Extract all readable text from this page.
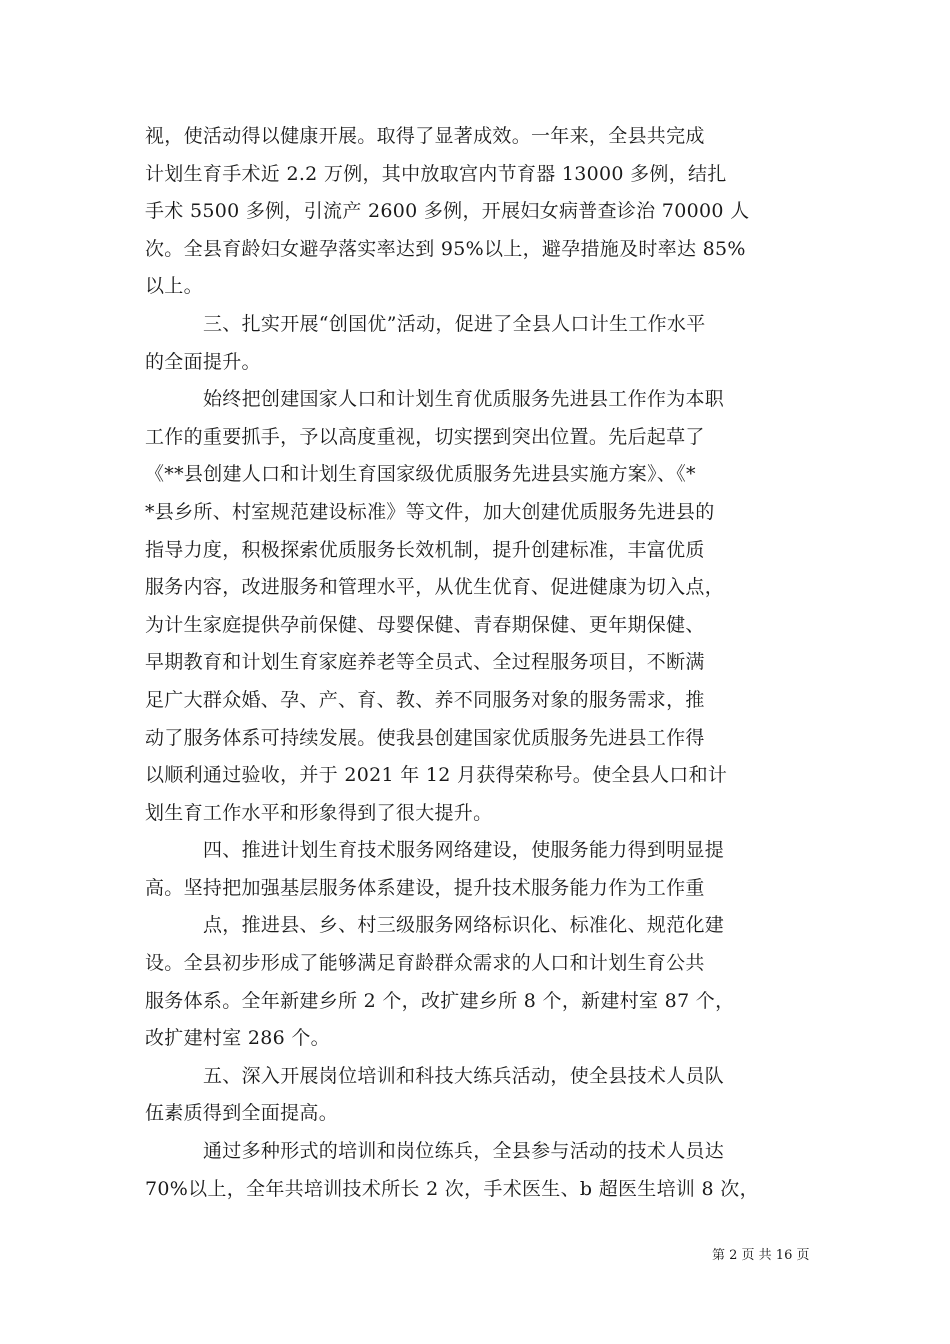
视，使活动得以健康开展。取得了显著成效。一年来，全县共完成
计划生育手术近 2.2 万例，其中放取宫内节育器 13000 多例，结扎
手术 5500 多例，引流产 2600 多例，开展妇女病普查诊治 70000 人
次。全县育龄妇女避孕落实率达到 95%以上，避孕措施及时率达 85%
以上。
三、扎实开展“创国优”活动，促进了全县人口计生工作水平
的全面提升。
始终把创建国家人口和计划生育优质服务先进县工作作为本职
工作的重要抓手，予以高度重视，切实摆到突出位置。先后起草了
《**县创建人口和计划生育国家级优质服务先进县实施方案》、《*
*县乡所、村室规范建设标准》等文件，加大创建优质服务先进县的
指导力度，积极探索优质服务长效机制，提升创建标准，丰富优质
服务内容，改进服务和管理水平，从优生优育、促进健康为切入点，
为计生家庭提供孕前保健、母婴保健、青春期保健、更年期保健、
早期教育和计划生育家庭养老等全员式、全过程服务项目，不断满
足广大群众婚、孕、产、育、教、养不同服务对象的服务需求，推
动了服务体系可持续发展。使我县创建国家优质服务先进县工作得
以顺利通过验收，并于 2021 年 12 月获得荣称号。使全县人口和计
划生育工作水平和形象得到了很大提升。
四、推进计划生育技术服务网络建设，使服务能力得到明显提
高。坚持把加强基层服务体系建设，提升技术服务能力作为工作重
点，推进县、乡、村三级服务网络标识化、标准化、规范化建
设。全县初步形成了能够满足育龄群众需求的人口和计划生育公共
服务体系。全年新建乡所 2 个，改扩建乡所 8 个，新建村室 87 个，
改扩建村室 286 个。
五、深入开展岗位培训和科技大练兵活动，使全县技术人员队
伍素质得到全面提高。
通过多种形式的培训和岗位练兵，全县参与活动的技术人员达
70%以上，全年共培训技术所长 2 次，手术医生、b 超医生培训 8 次，
第 2 页 共 16 页
